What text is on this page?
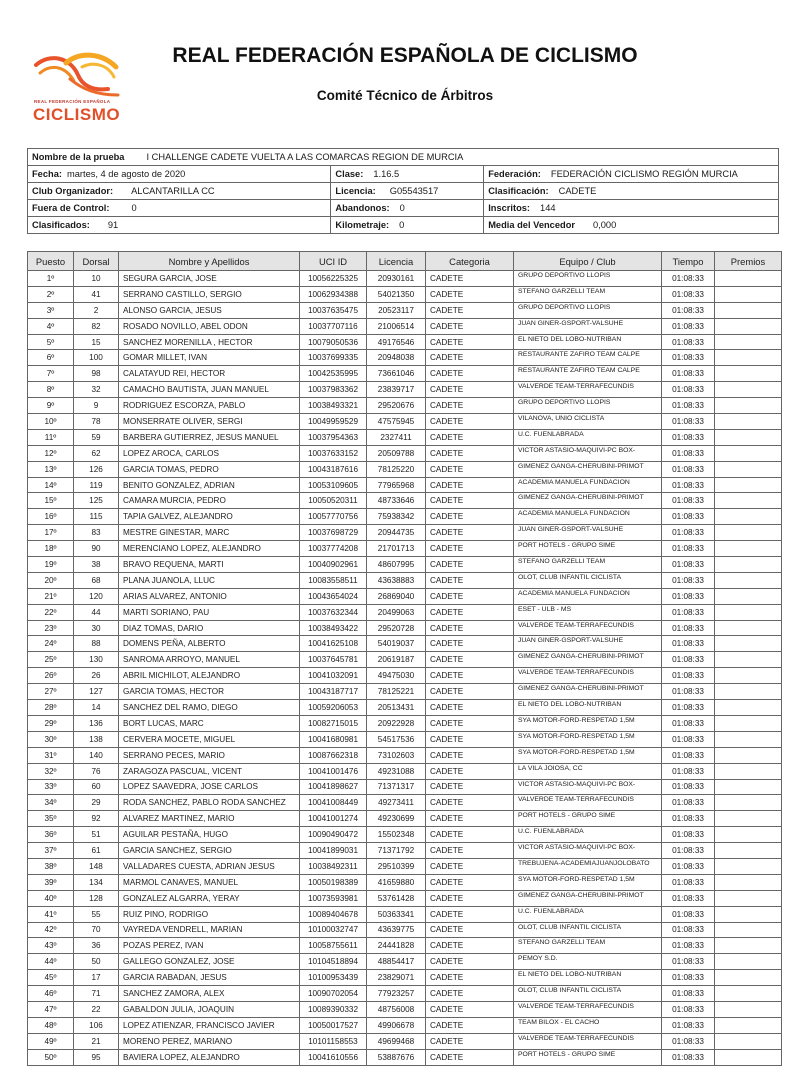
REAL FEDERACIÓN ESPAÑOLA
CICLISMO
REAL FEDERACIÓN ESPAÑOLA DE CICLISMO
Comité Técnico de Árbitros
Nombre de la prueba I CHALLENGE CADETE VUELTA A LAS COMARCAS REGION DE MURCIA		
Fecha: martes, 4 de agosto de 2020	Clase: 1.16.5	Federación: FEDERACIÓN CICLISMO REGIÓN MURCIA
Club Organizador: ALCANTARILLA CC	Licencia: G05543517	Clasificación: CADETE
Fuera de Control: 0	Abandonos: 0	Inscritos: 144
Clasificados: 91	Kilometraje: 0	Media del Vencedor 0,000
Puesto	Dorsal	Nombre y Apellidos	UCI ID	Licencia	Categoria	Equipo / Club	Tiempo	Premios
1º	10	SEGURA GARCIA, JOSE	10056225325	20930161	CADETE	GRUPO DEPORTIVO LLOPIS	01:08:33	
2º	41	SERRANO CASTILLO, SERGIO	10062934388	54021350	CADETE	STEFANO GARZELLI TEAM	01:08:33	
3º	2	ALONSO GARCIA, JESUS	10037635475	20523117	CADETE	GRUPO DEPORTIVO LLOPIS	01:08:33	
4º	82	ROSADO NOVILLO, ABEL ODON	10037707116	21006514	CADETE	JUAN GINER-GSPORT-VALSUHE	01:08:33	
5º	15	SANCHEZ MORENILLA , HECTOR	10079050536	49176546	CADETE	EL NIETO DEL LOBO-NUTRIBAN	01:08:33	
6º	100	GOMAR MILLET, IVAN	10037699335	20948038	CADETE	RESTAURANTE ZAFIRO TEAM CALPE	01:08:33	
7º	98	CALATAYUD REI, HECTOR	10042535995	73661046	CADETE	RESTAURANTE ZAFIRO TEAM CALPE	01:08:33	
8º	32	CAMACHO BAUTISTA, JUAN MANUEL	10037983362	23839717	CADETE	VALVERDE TEAM-TERRAFECUNDIS	01:08:33	
9º	9	RODRIGUEZ ESCORZA, PABLO	10038493321	29520676	CADETE	GRUPO DEPORTIVO LLOPIS	01:08:33	
10º	78	MONSERRATE OLIVER, SERGI	10049959529	47575945	CADETE	VILANOVA, UNIO CICLISTA	01:08:33	
11º	59	BARBERA GUTIERREZ, JESUS MANUEL	10037954363	2327411	CADETE	U.C. FUENLABRADA	01:08:33	
12º	62	LOPEZ AROCA, CARLOS	10037633152	20509788	CADETE	VICTOR ASTASIO-MAQUIVI-PC BOX-	01:08:33	
13º	126	GARCIA TOMAS, PEDRO	10043187616	78125220	CADETE	GIMENEZ GANGA-CHERUBINI-PRIMOT	01:08:33	
14º	119	BENITO GONZALEZ, ADRIAN	10053109605	77965968	CADETE	ACADEMIA MANUELA FUNDACION	01:08:33	
15º	125	CAMARA MURCIA, PEDRO	10050520311	48733646	CADETE	GIMENEZ GANGA-CHERUBINI-PRIMOT	01:08:33	
16º	115	TAPIA GALVEZ, ALEJANDRO	10057770756	75938342	CADETE	ACADEMIA MANUELA FUNDACION	01:08:33	
17º	83	MESTRE GINESTAR, MARC	10037698729	20944735	CADETE	JUAN GINER-GSPORT-VALSUHE	01:08:33	
18º	90	MERENCIANO LOPEZ, ALEJANDRO	10037774208	21701713	CADETE	PORT HOTELS - GRUPO SIME	01:08:33	
19º	38	BRAVO REQUENA, MARTI	10040902961	48607995	CADETE	STEFANO GARZELLI TEAM	01:08:33	
20º	68	PLANA JUANOLA, LLUC	10083558511	43638883	CADETE	OLOT, CLUB INFANTIL CICLISTA	01:08:33	
21º	120	ARIAS ALVAREZ, ANTONIO	10043654024	26869040	CADETE	ACADEMIA MANUELA FUNDACION	01:08:33	
22º	44	MARTI SORIANO, PAU	10037632344	20499063	CADETE	ESET - ULB - MS	01:08:33	
23º	30	DIAZ TOMAS, DARIO	10038493422	29520728	CADETE	VALVERDE TEAM-TERRAFECUNDIS	01:08:33	
24º	88	DOMENS PEÑA, ALBERTO	10041625108	54019037	CADETE	JUAN GINER-GSPORT-VALSUHE	01:08:33	
25º	130	SANROMA ARROYO, MANUEL	10037645781	20619187	CADETE	GIMENEZ GANGA-CHERUBINI-PRIMOT	01:08:33	
26º	26	ABRIL MICHILOT, ALEJANDRO	10041032091	49475030	CADETE	VALVERDE TEAM-TERRAFECUNDIS	01:08:33	
27º	127	GARCIA TOMAS, HECTOR	10043187717	78125221	CADETE	GIMENEZ GANGA-CHERUBINI-PRIMOT	01:08:33	
28º	14	SANCHEZ DEL RAMO, DIEGO	10059206053	20513431	CADETE	EL NIETO DEL LOBO-NUTRIBAN	01:08:33	
29º	136	BORT LUCAS, MARC	10082715015	20922928	CADETE	SYA MOTOR-FORD-RESPETAD 1,5M	01:08:33	
30º	138	CERVERA MOCETE, MIGUEL	10041680981	54517536	CADETE	SYA MOTOR-FORD-RESPETAD 1,5M	01:08:33	
31º	140	SERRANO PECES, MARIO	10087662318	73102603	CADETE	SYA MOTOR-FORD-RESPETAD 1,5M	01:08:33	
32º	76	ZARAGOZA PASCUAL, VICENT	10041001476	49231088	CADETE	LA VILA JOIOSA, CC	01:08:33	
33º	60	LOPEZ SAAVEDRA, JOSE CARLOS	10041898627	71371317	CADETE	VICTOR ASTASIO-MAQUIVI-PC BOX-	01:08:33	
34º	29	RODA SANCHEZ, PABLO RODA SANCHEZ	10041008449	49273411	CADETE	VALVERDE TEAM-TERRAFECUNDIS	01:08:33	
35º	92	ALVAREZ MARTINEZ, MARIO	10041001274	49230699	CADETE	PORT HOTELS - GRUPO SIME	01:08:33	
36º	51	AGUILAR PESTAÑA, HUGO	10090490472	15502348	CADETE	U.C. FUENLABRADA	01:08:33	
37º	61	GARCIA SANCHEZ, SERGIO	10041899031	71371792	CADETE	VICTOR ASTASIO-MAQUIVI-PC BOX-	01:08:33	
38º	148	VALLADARES CUESTA, ADRIAN JESUS	10038492311	29510399	CADETE	TREBUJENA-ACADEMIAJUANJOLOBATO	01:08:33	
39º	134	MARMOL CANAVES, MANUEL	10050198389	41659880	CADETE	SYA MOTOR-FORD-RESPETAD 1,5M	01:08:33	
40º	128	GONZALEZ ALGARRA, YERAY	10073593981	53761428	CADETE	GIMENEZ GANGA-CHERUBINI-PRIMOT	01:08:33	
41º	55	RUIZ PINO, RODRIGO	10089404678	50363341	CADETE	U.C. FUENLABRADA	01:08:33	
42º	70	VAYREDA VENDRELL, MARIAN	10100032747	43639775	CADETE	OLOT, CLUB INFANTIL CICLISTA	01:08:33	
43º	36	POZAS PEREZ, IVAN	10058755611	24441828	CADETE	STEFANO GARZELLI TEAM	01:08:33	
44º	50	GALLEGO GONZALEZ, JOSE	10104518894	48854417	CADETE	PEMOY S.D.	01:08:33	
45º	17	GARCIA RABADAN, JESUS	10100953439	23829071	CADETE	EL NIETO DEL LOBO-NUTRIBAN	01:08:33	
46º	71	SANCHEZ ZAMORA, ALEX	10090702054	77923257	CADETE	OLOT, CLUB INFANTIL CICLISTA	01:08:33	
47º	22	GABALDON JULIA, JOAQUIN	10089390332	48756008	CADETE	VALVERDE TEAM-TERRAFECUNDIS	01:08:33	
48º	106	LOPEZ ATIENZAR, FRANCISCO JAVIER	10050017527	49906678	CADETE	TEAM BILOX - EL CACHO	01:08:33	
49º	21	MORENO PEREZ, MARIANO	10101158553	49699468	CADETE	VALVERDE TEAM-TERRAFECUNDIS	01:08:33	
50º	95	BAVIERA LOPEZ, ALEJANDRO	10041610556	53887676	CADETE	PORT HOTELS - GRUPO SIME	01:08:33	
